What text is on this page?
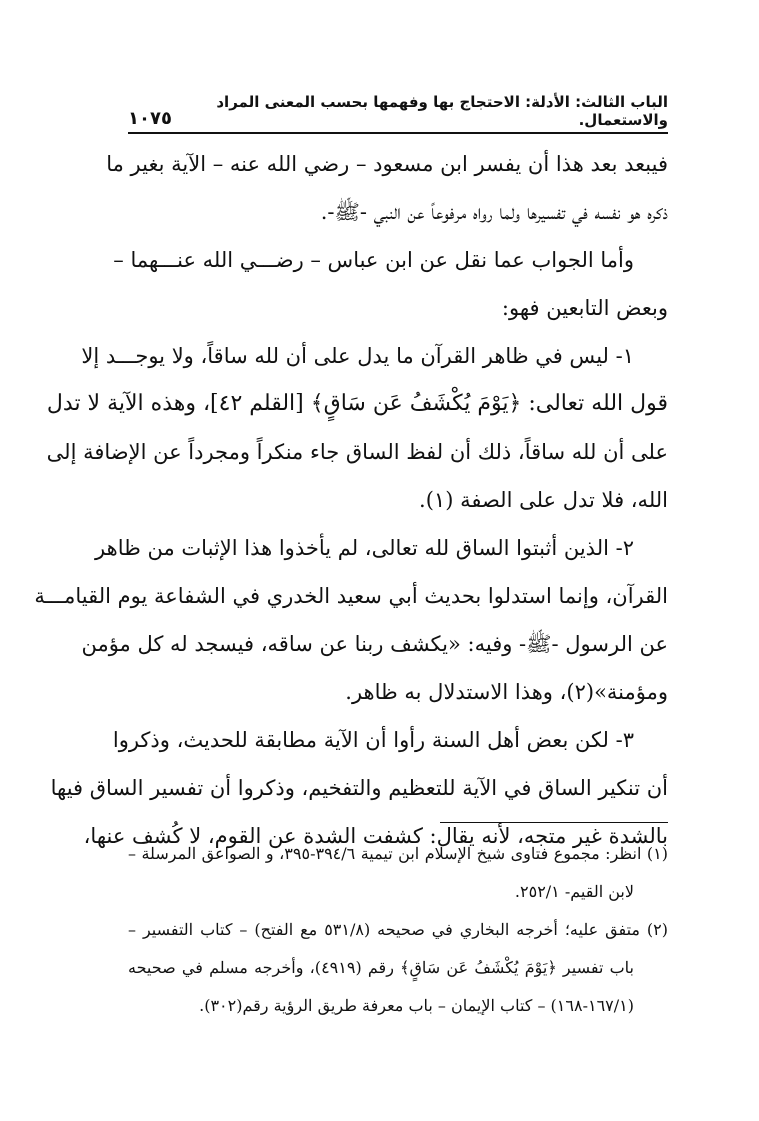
الباب الثالث: الأدلة: الاحتجاج بها وفهمها بحسب المعنى المراد والاستعمال.
١٠٧٥
فيبعد بعد هذا أن يفسر ابن مسعود – رضي الله عنه – الآية بغير ما
ذكره هو نفسه في تفسيرها ولما رواه مرفوعاً عن النبي -ﷺ-.
وأما الجواب عما نقل عن ابن عباس – رضـــي الله عنـــهما –
وبعض التابعين فهو:
١- ليس في ظاهر القرآن ما يدل على أن لله ساقاً، ولا يوجـــد إلا
قول الله تعالى: ﴿يَوْمَ يُكْشَفُ عَن سَاقٍ﴾ [القلم ٤٢]، وهذه الآية لا تدل
على أن لله ساقاً، ذلك أن لفظ الساق جاء منكراً ومجرداً عن الإضافة إلى
الله، فلا تدل على الصفة (١).
٢- الذين أثبتوا الساق لله تعالى، لم يأخذوا هذا الإثبات من ظاهر
القرآن، وإنما استدلوا بحديث أبي سعيد الخدري في الشفاعة يوم القيامـــة
عن الرسول -ﷺ- وفيه: «يكشف ربنا عن ساقه، فيسجد له كل مؤمن
ومؤمنة»(٢)، وهذا الاستدلال به ظاهر.
٣- لكن بعض أهل السنة رأوا أن الآية مطابقة للحديث، وذكروا
أن تنكير الساق في الآية للتعظيم والتفخيم، وذكروا أن تفسير الساق فيها
بالشدة غير متجه، لأنه يقال: كشفت الشدة عن القوم، لا كُشف عنها،
(١) انظر: مجموع فتاوى شيخ الإسلام ابن تيمية ٣٩٤/٦-٣٩٥، و الصواعق المرسلة –
لابن القيم- ٢٥٢/١.
(٢) متفق عليه؛ أخرجه البخاري في صحيحه (٥٣١/٨ مع الفتح) – كتاب التفسير –
باب تفسير ﴿يَوْمَ يُكْشَفُ عَن سَاقٍ﴾ رقم (٤٩١٩)، وأخرجه مسلم في صحيحه
(١٦٧/١-١٦٨) – كتاب الإيمان – باب معرفة طريق الرؤية رقم(٣٠٢).
